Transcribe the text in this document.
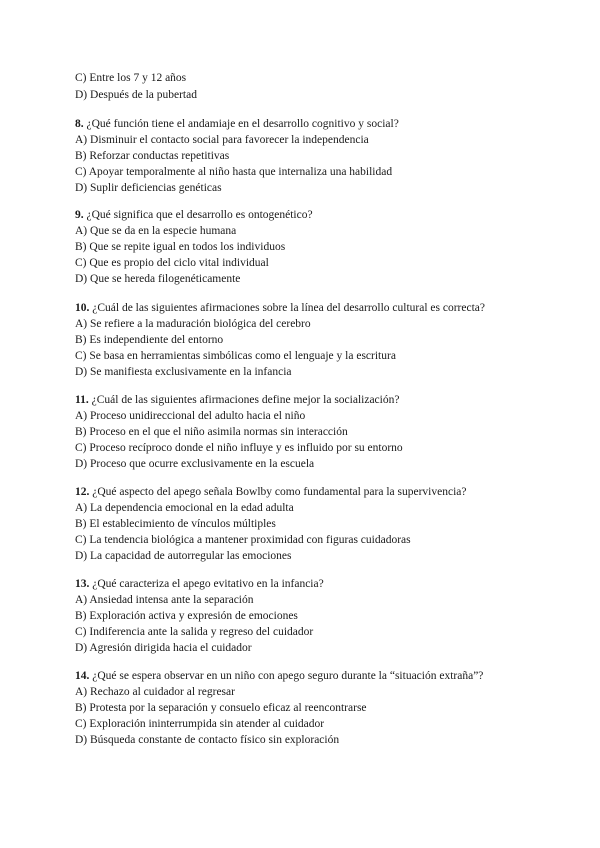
C) Entre los 7 y 12 años
D) Después de la pubertad
8. ¿Qué función tiene el andamiaje en el desarrollo cognitivo y social?
A) Disminuir el contacto social para favorecer la independencia
B) Reforzar conductas repetitivas
C) Apoyar temporalmente al niño hasta que internaliza una habilidad
D) Suplir deficiencias genéticas
9. ¿Qué significa que el desarrollo es ontogenético?
A) Que se da en la especie humana
B) Que se repite igual en todos los individuos
C) Que es propio del ciclo vital individual
D) Que se hereda filogenéticamente
10. ¿Cuál de las siguientes afirmaciones sobre la línea del desarrollo cultural es correcta?
A) Se refiere a la maduración biológica del cerebro
B) Es independiente del entorno
C) Se basa en herramientas simbólicas como el lenguaje y la escritura
D) Se manifiesta exclusivamente en la infancia
11. ¿Cuál de las siguientes afirmaciones define mejor la socialización?
A) Proceso unidireccional del adulto hacia el niño
B) Proceso en el que el niño asimila normas sin interacción
C) Proceso recíproco donde el niño influye y es influido por su entorno
D) Proceso que ocurre exclusivamente en la escuela
12. ¿Qué aspecto del apego señala Bowlby como fundamental para la supervivencia?
A) La dependencia emocional en la edad adulta
B) El establecimiento de vínculos múltiples
C) La tendencia biológica a mantener proximidad con figuras cuidadoras
D) La capacidad de autorregular las emociones
13. ¿Qué caracteriza el apego evitativo en la infancia?
A) Ansiedad intensa ante la separación
B) Exploración activa y expresión de emociones
C) Indiferencia ante la salida y regreso del cuidador
D) Agresión dirigida hacia el cuidador
14. ¿Qué se espera observar en un niño con apego seguro durante la “situación extraña”?
A) Rechazo al cuidador al regresar
B) Protesta por la separación y consuelo eficaz al reencontrarse
C) Exploración ininterrumpida sin atender al cuidador
D) Búsqueda constante de contacto físico sin exploración
